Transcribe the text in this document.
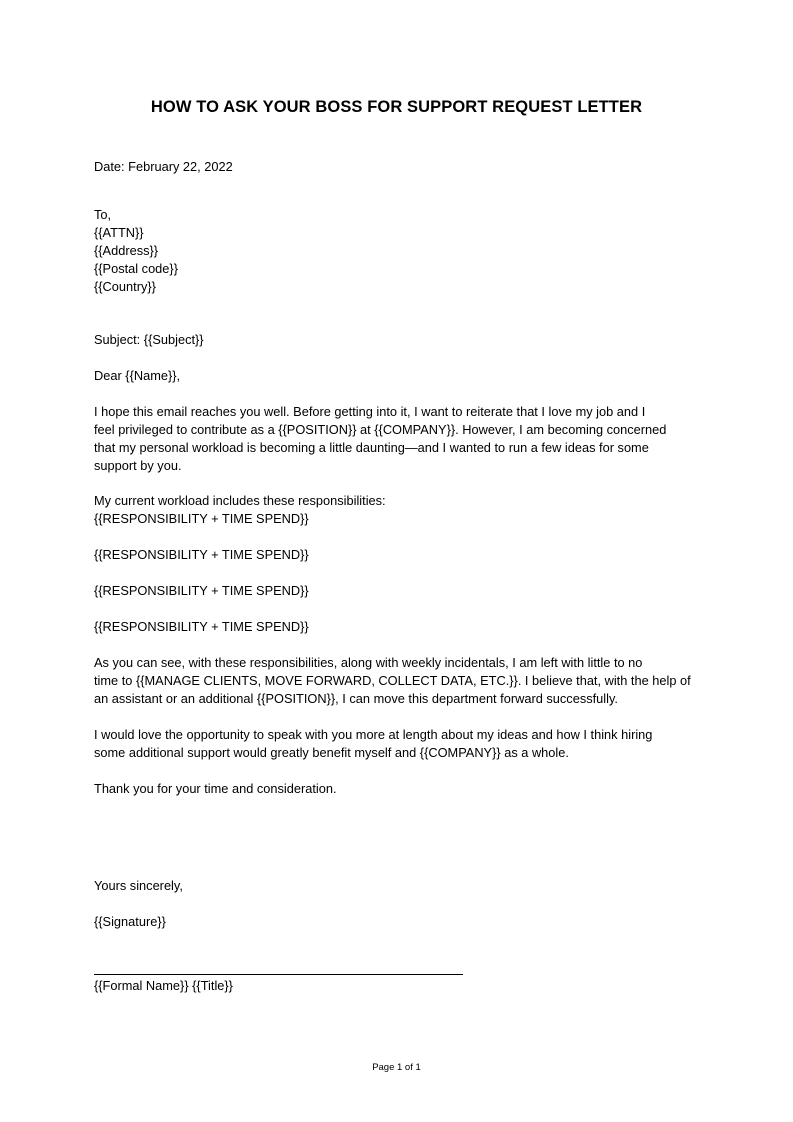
HOW TO ASK YOUR BOSS FOR SUPPORT REQUEST LETTER
Date: February 22, 2022
To,
{{ATTN}}
{{Address}}
{{Postal code}}
{{Country}}
Subject: {{Subject}}
Dear {{Name}},
I hope this email reaches you well. Before getting into it, I want to reiterate that I love my job and I
feel privileged to contribute as a {{POSITION}} at {{COMPANY}}. However, I am becoming concerned
that my personal workload is becoming a little daunting—and I wanted to run a few ideas for some
support by you.
My current workload includes these responsibilities:
{{RESPONSIBILITY + TIME SPEND}}
{{RESPONSIBILITY + TIME SPEND}}
{{RESPONSIBILITY + TIME SPEND}}
{{RESPONSIBILITY + TIME SPEND}}
As you can see, with these responsibilities, along with weekly incidentals, I am left with little to no
time to {{MANAGE CLIENTS, MOVE FORWARD, COLLECT DATA, ETC.}}. I believe that, with the help of
an assistant or an additional {{POSITION}}, I can move this department forward successfully.
I would love the opportunity to speak with you more at length about my ideas and how I think hiring
some additional support would greatly benefit myself and {{COMPANY}} as a whole.
Thank you for your time and consideration.
Yours sincerely,
{{Signature}}
{{Formal Name}} {{Title}}
Page 1 of 1
